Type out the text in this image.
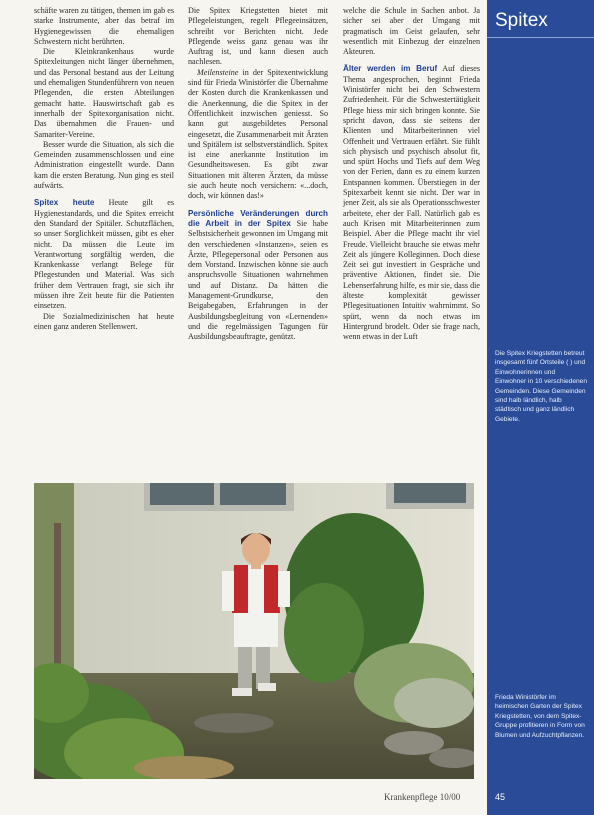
schäfte waren zu tätigen, themen im gab es starke Instrumente, aber das betraf im Hygienegewissen die ehemaligen Schwestern nicht berührten.

Die Kleinkrankenhaus wurde Spitexleitungen nicht länger übernehmen, und das Personal bestand aus der Leitung und ehemaligen Stundenführern von neuen Pflegenden, die ersten Abteilungen gemacht hatte. Hauswirtschaft gab es innerhalb der Spitexorganisation nicht. Das übernahmen die Frauen- und Samariter-Vereine.

Besser wurde die Situation, als sich die Gemeinden zusammenschlossen und eine Administration eingestellt wurde. Dann kam die ersten Beratung. Nun ging es steil aufwärts.

Spitex heute Heute gilt es Hygienestandards, und die Spitex erreicht den Standard der Spitäler. Schutzflächen, so unser Sorglichkeit müssen, gibt es eher nicht. Da müssen die Leute im Verantwortung sorgfältig werden, die Krankenkasse verlangt Belege für Pflegestunden und Material. Was sich früher dem Vertrauen fragt, sie sich ihr müssen ihre Zeit heute für die Patienten einsetzen.

Die Sozialmedizinischen hat heute einen ganz anderen Stellenwert.

Die Spitex Kriegstetten bietet mit Pflegeleistungen, regelt Pflegeeinsätzen, schreibt vor Berichten nicht. Jede Pflegende weiss ganz genau was ihr Auftrag ist, und kann diesen auch nachlesen.

Meilensteine in der Spitexentwicklung sind für Frieda Winistörfer die Übernahme der Kosten durch die Krankenkassen und die Anerkennung, die die Spitex in der Öffentlichkeit inzwischen geniesst. So kann gut ausgebildetes Personal eingesetzt, die Zusammenarbeit mit Ärzten und Spitälern ist selbstverständlich. Spitex ist eine anerkannte Institution im Gesundheitswesen. Es gibt zwar Situationen mit älteren Ärzten, da müsse sie auch heute noch versichern: «...doch, doch, wir können das!»

Persönliche Veränderungen durch die Arbeit in der Spitex Sie habe Selbstsicherheit gewonnen im Umgang mit den verschiedenen «Instanzen», seien es Ärzte, Pflegepersonal oder Personen aus dem Vorstand. Inzwischen könne sie auch anspruchsvolle Situationen wahrnehmen und auf Distanz. Da hätten die Management-Grundkurse, den Beigabegaben, Erfahrungen in der Ausbildungsbegleitung von «Lernenden» und die regelmässigen Tagungen für Ausbildungsbeauftragte, genützt.

welche die Schule in Sachen anbot. Ja sicher sei aber der Umgang mit pragmatisch im Geist gelaufen, sehr wesentlich mit Einbezug der einzelnen Akteuren.

Älter werden im Beruf Auf dieses Thema angesprochen, beginnt Frieda Winistörfer nicht bei den Schwestern Zufriedenheit. Für die Schwestertätigkeit Pflege hiess mir sich bringen konnte. Sie spricht davon, dass sie seitens der Klienten und Mitarbeiterinnen viel Offenheit und Vertrauen erfährt. Sie fühlt sich physisch und psychisch absolut fit, und spürt Hochs und Tiefs auf dem Weg von der Ferien, dann es zu einem kurzen Entspannen kommen. Überstiegen in der Spitexarbeit kennt sie nicht. Der war in jener Zeit, als sie als Operationsschwester arbeitete, eher der Fall. Natürlich gab es auch Krisen mit Mitarbeiterinnen zum Beispiel. Aber die Pflege macht ihr viel Freude. Vielleicht brauche sie etwas mehr Zeit als jüngere Kolleginnen. Doch diese Zeit sei gut investiert in Gespräche und präventive Aktionen, findet sie. Die Lebenserfahrung hilfe, es mir sie, dass die älteste komplexität gewisser Pflegesituationen Intuitiv wahrnimmt. So spürt, wenn da noch etwas im Hintergrund brodelt. Oder sie frage nach, wenn etwas in der Luft

Spitex
Die Spitex Kriegstetten betreut insgesamt fünf Ortsteile ( ) und Einwohnerinnen und Einwohner in 10 verschiedenen Gemeinden. Diese Gemeinden sind halb ländlich, halb städtisch und ganz ländlich Gebiete.
Frieda Winistörfer im heimischen Garten der Spitex Kriegstetten, von dem Spitex-Gruppe profitieren in Form von Blumen und Aufzuchtpflanzen.
Krankenpflege 10/00	45
